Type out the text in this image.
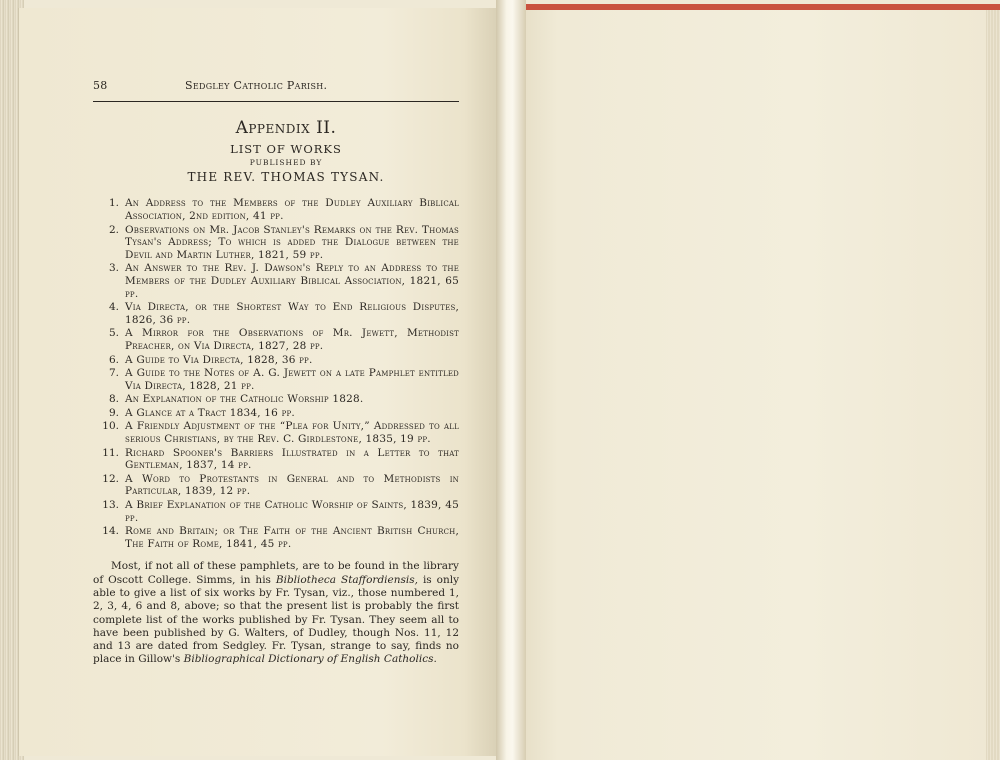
58	Sedgley Catholic Parish.
Appendix II.
LIST OF WORKS
PUBLISHED BY
THE REV. THOMAS TYSAN.
1. An Address to the Members of the Dudley Auxiliary Biblical Association, 2nd edition, 41 pp.
2. Observations on Mr. Jacob Stanley's Remarks on the Rev. Thomas Tysan's Address; To which is added the Dialogue between the Devil and Martin Luther, 1821, 59 pp.
3. An Answer to the Rev. J. Dawson's Reply to an Address to the Members of the Dudley Auxiliary Biblical Association, 1821, 65 pp.
4. Via Directa, or the Shortest Way to End Religious Disputes, 1826, 36 pp.
5. A Mirror for the Observations of Mr. Jewett, Methodist Preacher, on Via Directa, 1827, 28 pp.
6. A Guide to Via Directa, 1828, 36 pp.
7. A Guide to the Notes of A. G. Jewett on a late Pamphlet entitled Via Directa, 1828, 21 pp.
8. An Explanation of the Catholic Worship 1828.
9. A Glance at a Tract 1834, 16 pp.
10. A Friendly Adjustment of the “Plea for Unity,” Addressed to all serious Christians, by the Rev. C. Girdlestone, 1835, 19 pp.
11. Richard Spooner's Barriers Illustrated in a Letter to that Gentleman, 1837, 14 pp.
12. A Word to Protestants in General and to Methodists in Particular, 1839, 12 pp.
13. A Brief Explanation of the Catholic Worship of Saints, 1839, 45 pp.
14. Rome and Britain; or The Faith of the Ancient British Church, The Faith of Rome, 1841, 45 pp.

Most, if not all of these pamphlets, are to be found in the library of Oscott College. Simms, in his Bibliotheca Staffordiensis, is only able to give a list of six works by Fr. Tysan, viz., those numbered 1, 2, 3, 4, 6 and 8, above; so that the present list is probably the first complete list of the works published by Fr. Tysan. They seem all to have been published by G. Walters, of Dudley, though Nos. 11, 12 and 13 are dated from Sedgley. Fr. Tysan, strange to say, finds no place in Gillow's Bibliographical Dictionary of English Catholics.
